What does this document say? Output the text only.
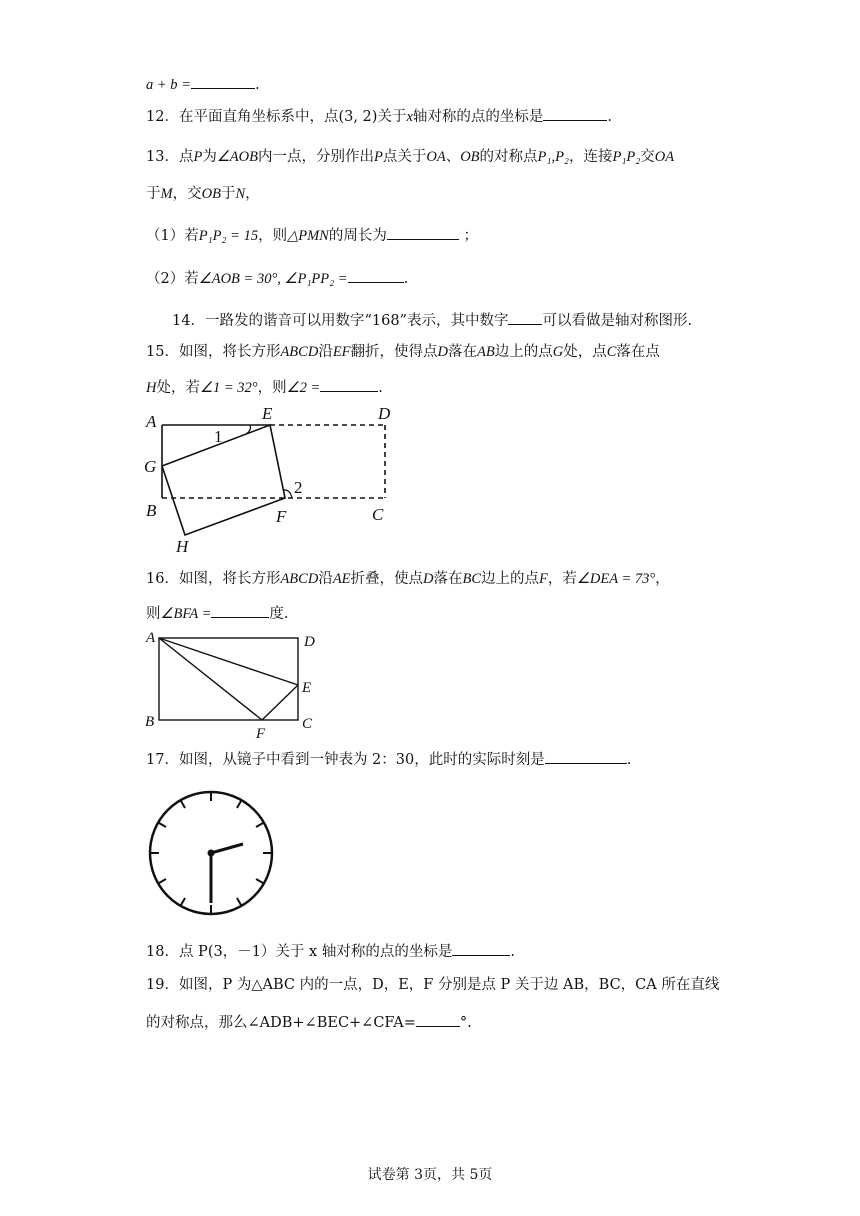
a + b =	.
12．在平面直角坐标系中，点(3, 2)关于x轴对称的点的坐标是	.
13．点P为∠AOB内一点，分别作出P点关于OA、OB的对称点P₁,P₂，连接P₁P₂交OA
于M，交OB于N，
（1）若P₁P₂ = 15，则△PMN的周长为	；
（2）若∠AOB = 30°, ∠P₁PP₂ =	.
14．一路发的谐音可以用数字“168”表示，其中数字 可以看做是轴对称图形.
15．如图，将长方形ABCD沿EF翻折，使得点D落在AB边上的点G处，点C落在点
H处，若∠1 = 32°，则∠2 =	.
A	E	D
G
B	F	C
H
1
2
16．如图，将长方形ABCD沿AE折叠，使点D落在BC边上的点F，若∠DEA = 73°，
则∠BFA =	度.
A	D
E
B
F
C
17．如图，从镜子中看到一钟表为 2：30，此时的实际时刻是	.
18．点 P(3，－1）关于 x 轴对称的点的坐标是	.
19．如图，P 为△ABC 内的一点，D，E，F 分别是点 P 关于边 AB，BC，CA 所在直线
的对称点，那么∠ADB+∠BEC+∠CFA=	°.
试卷第 3页，共 5页
